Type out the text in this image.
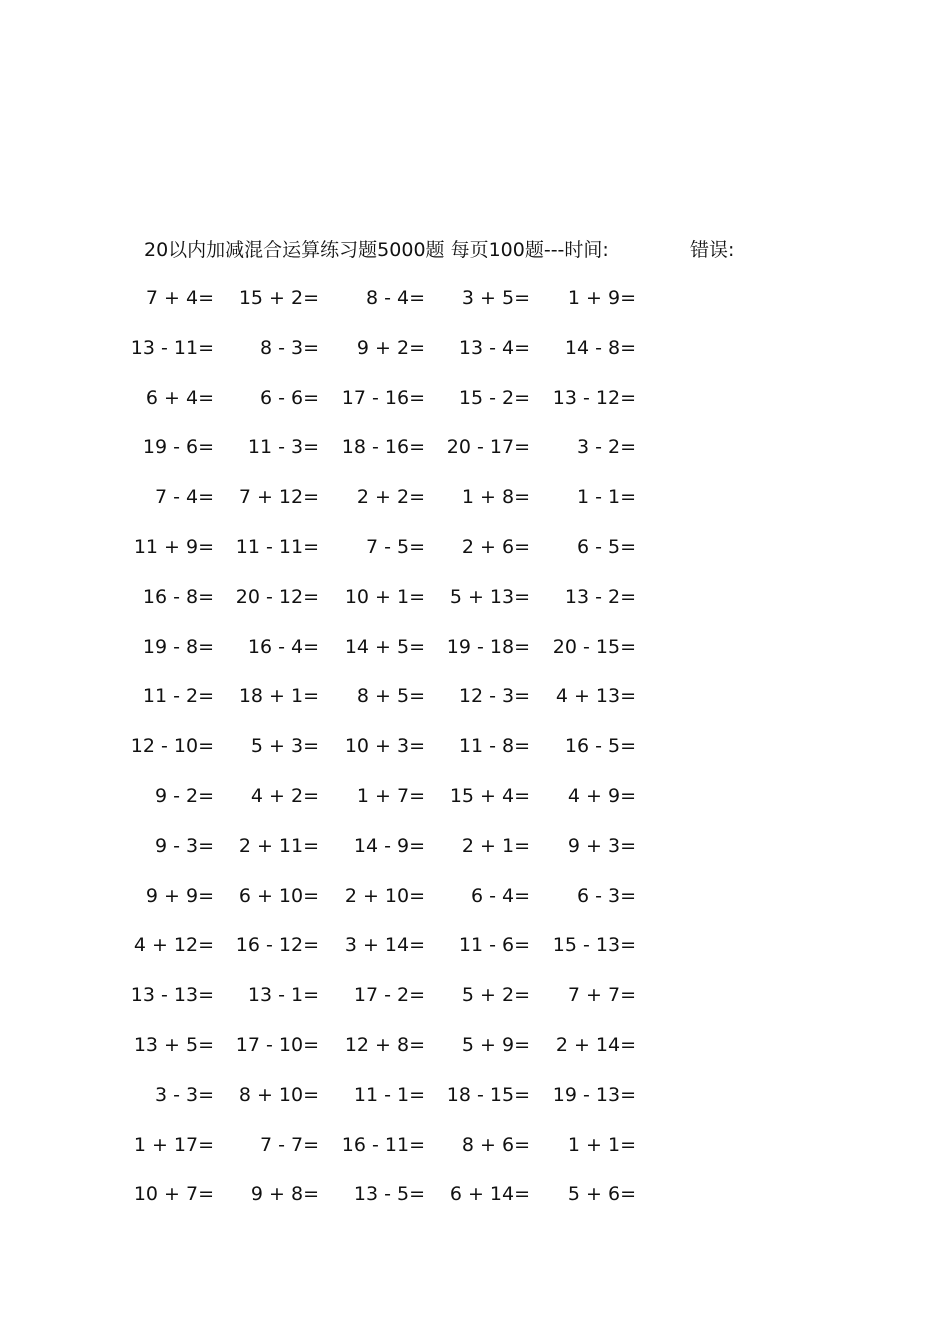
20以内加减混合运算练习题5000题 每页100题---时间:	错误:
7 + 4=	15 + 2=	8 - 4=	3 + 5=	1 + 9=
13 - 11=	8 - 3=	9 + 2=	13 - 4=	14 - 8=
6 + 4=	6 - 6=	17 - 16=	15 - 2=	13 - 12=
19 - 6=	11 - 3=	18 - 16=	20 - 17=	3 - 2=
7 - 4=	7 + 12=	2 + 2=	1 + 8=	1 - 1=
11 + 9=	11 - 11=	7 - 5=	2 + 6=	6 - 5=
16 - 8=	20 - 12=	10 + 1=	5 + 13=	13 - 2=
19 - 8=	16 - 4=	14 + 5=	19 - 18=	20 - 15=
11 - 2=	18 + 1=	8 + 5=	12 - 3=	4 + 13=
12 - 10=	5 + 3=	10 + 3=	11 - 8=	16 - 5=
9 - 2=	4 + 2=	1 + 7=	15 + 4=	4 + 9=
9 - 3=	2 + 11=	14 - 9=	2 + 1=	9 + 3=
9 + 9=	6 + 10=	2 + 10=	6 - 4=	6 - 3=
4 + 12=	16 - 12=	3 + 14=	11 - 6=	15 - 13=
13 - 13=	13 - 1=	17 - 2=	5 + 2=	7 + 7=
13 + 5=	17 - 10=	12 + 8=	5 + 9=	2 + 14=
3 - 3=	8 + 10=	11 - 1=	18 - 15=	19 - 13=
1 + 17=	7 - 7=	16 - 11=	8 + 6=	1 + 1=
10 + 7=	9 + 8=	13 - 5=	6 + 14=	5 + 6=
